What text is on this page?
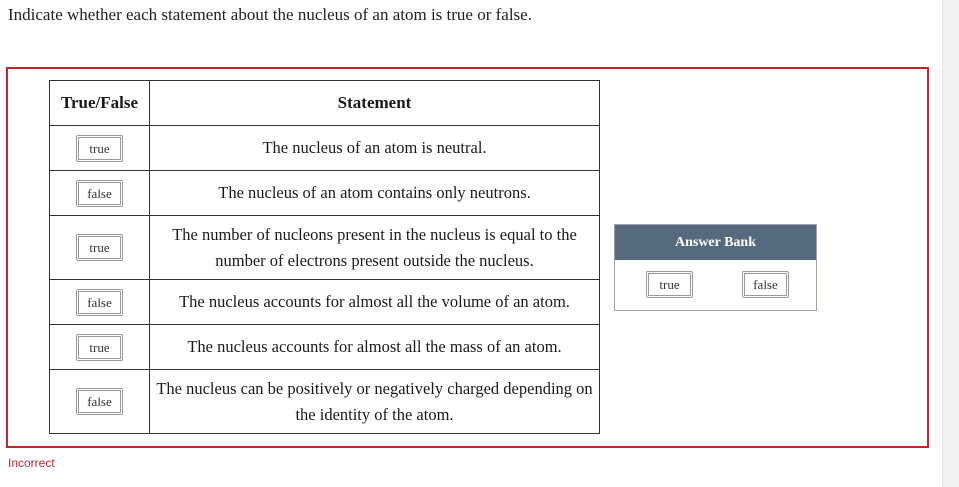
Indicate whether each statement about the nucleus of an atom is true or false.
True/False	Statement
true	The nucleus of an atom is neutral.
false	The nucleus of an atom contains only neutrons.
true	The number of nucleons present in the nucleus is equal to the number of electrons present outside the nucleus.
false	The nucleus accounts for almost all the volume of an atom.
true	The nucleus accounts for almost all the mass of an atom.
false	The nucleus can be positively or negatively charged depending on the identity of the atom.
Answer Bank
true	false
Incorrect
